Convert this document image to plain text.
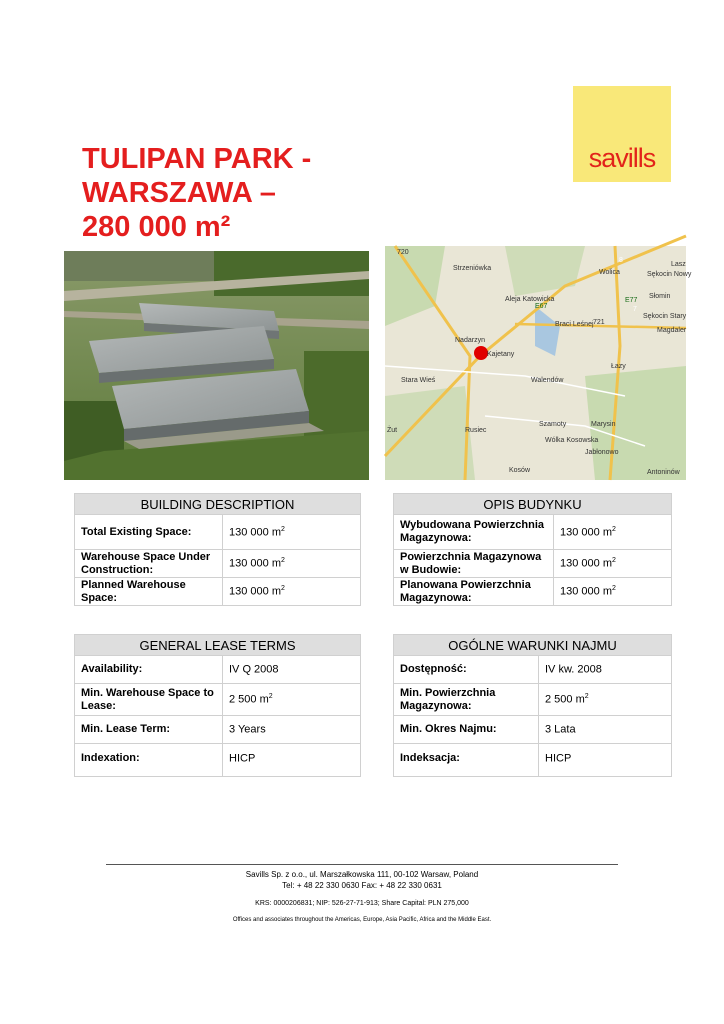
savills
TULIPAN PARK -
WARSZAWA –
280 000 m²
720
Strzeniówka
Aleja Katowicka
8
Wolica	Sękocin Nowy
Słomin
E67	7
E77
Sękocin Stary
Magdaler
Nadarzyn
Kajetany
Stara Wieś	Walendów
Łazy
Rusiec
Szamoty	Marysin
Wólka Kosowska
Jabłonowo
Kosów	Antoninów
Lasz
Braci Leśnej 721
Żut
BUILDING DESCRIPTION	
Total Existing Space:	130 000 $m^2$
Warehouse Space Under Construction:	130 000 $m^2$
Planned Warehouse Space:	130 000 $m^2$
OPIS BUDYNKU	
Wybudowana Powierzchnia Magazynowa:	130 000 $m^2$
Powierzchnia Magazynowa w Budowie:	130 000 $m^2$
Planowana Powierzchnia Magazynowa:	130 000 $m^2$
GENERAL LEASE TERMS	
Availability:	IV Q 2008
Min. Warehouse Space to Lease:	2 500 $m^2$
Min. Lease Term:	3 Years
Indexation:	HICP
OGÓLNE WARUNKI NAJMU	
Dostępność:	IV kw. 2008
Min. Powierzchnia Magazynowa:	2 500 $m^2$
Min. Okres Najmu:	3 Lata
Indeksacja:	HICP
Savills Sp. z o.o., ul. Marszałkowska 111, 00-102 Warsaw, Poland
Tel: + 48 22 330 0630 Fax: + 48 22 330 0631
KRS: 0000206831; NIP: 526-27-71-913; Share Capital: PLN 275,000
Offices and associates throughout the Americas, Europe, Asia Pacific, Africa and the Middle East.
